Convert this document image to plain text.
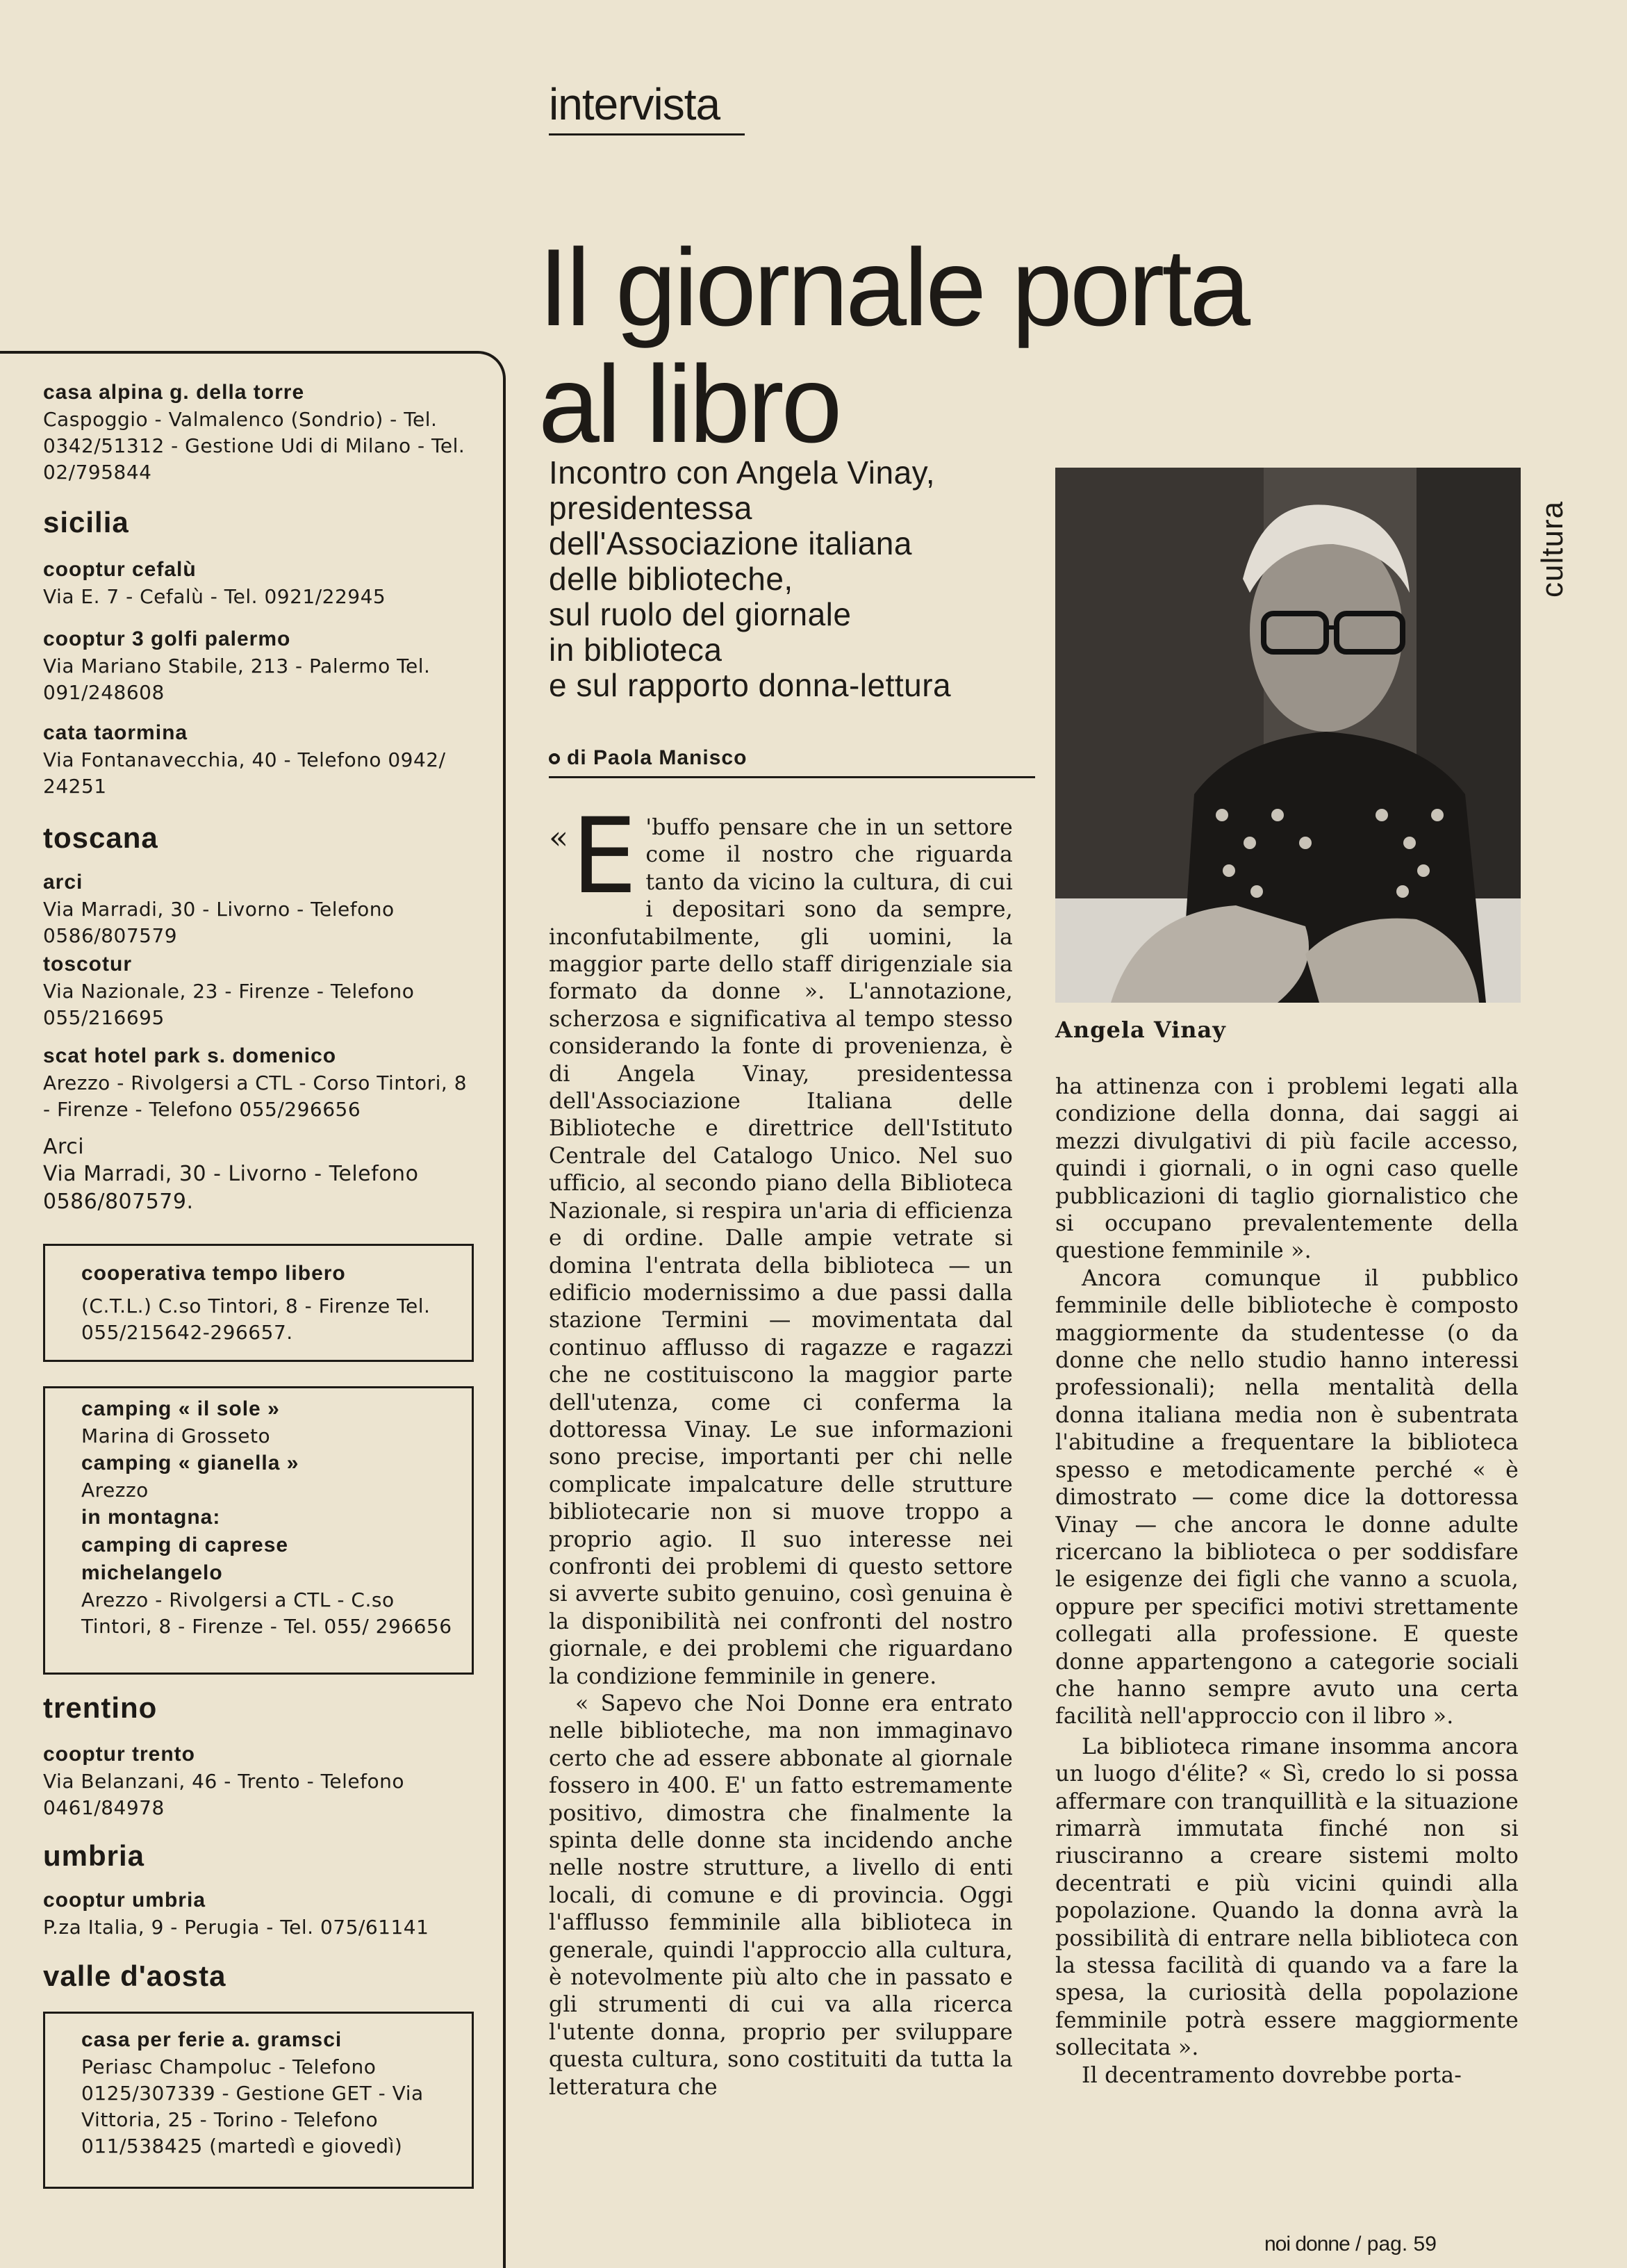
casa alpina g. della torre

Caspoggio - Valmalenco (Sondrio) - Tel. 0342/51312 - Gestione Udi di Milano - Tel. 02/795844

sicilia

cooptur cefalù

Via E. 7 - Cefalù - Tel. 0921/22945

cooptur 3 golfi palermo

Via Mariano Stabile, 213 - Palermo Tel. 091/248608

cata taormina

Via Fontanavecchia, 40 - Telefono 0942/ 24251

toscana

arci

Via Marradi, 30 - Livorno - Telefono 0586/807579

toscotur

Via Nazionale, 23 - Firenze - Telefono 055/216695

scat hotel park s. domenico

Arezzo - Rivolgersi a CTL - Corso Tintori, 8 - Firenze - Telefono 055/296656

Arci

Via Marradi, 30 - Livorno - Telefono 0586/807579.

cooperativa tempo libero

(C.T.L.) C.so Tintori, 8 - Firenze Tel. 055/215642-296657.

camping « il sole »

Marina di Grosseto

camping « gianella »

Arezzo

in montagna:

camping di caprese

michelangelo

Arezzo - Rivolgersi a CTL - C.so Tintori, 8 - Firenze - Tel. 055/ 296656

trentino

cooptur trento

Via Belanzani, 46 - Trento - Telefono 0461/84978

umbria

cooptur umbria

P.za Italia, 9 - Perugia - Tel. 075/61141

valle d'aosta

casa per ferie a. gramsci

Periasc Champoluc - Telefono 0125/307339 - Gestione GET - Via Vittoria, 25 - Torino - Telefono 011/538425 (martedì e giovedì)

intervista

Il giornale porta
al libro
Incontro con Angela Vinay,
presidentessa
dell'Associazione italiana
delle biblioteche,
sul ruolo del giornale
in biblioteca
e sul rapporto donna-lettura

di Paola Manisco

cultura

Angela Vinay

« E 'buffo pensare che in un settore come il nostro che riguarda tanto da vicino la cultura, di cui i depositari sono da sempre, inconfutabilmente, gli uomini, la maggior parte dello staff dirigenziale sia formato da donne ». L'annotazione, scherzosa e significativa al tempo stesso considerando la fonte di provenienza, è di Angela Vinay, presidentessa dell'Associazione Italiana delle Biblioteche e direttrice dell'Istituto Centrale del Catalogo Unico. Nel suo ufficio, al secondo piano della Biblioteca Nazionale, si respira un'aria di efficienza e di ordine. Dalle ampie vetrate si domina l'entrata della biblioteca — un edificio modernissimo a due passi dalla stazione Termini — movimentata dal continuo afflusso di ragazze e ragazzi che ne costituiscono la maggior parte dell'utenza, come ci conferma la dottoressa Vinay. Le sue informazioni sono precise, importanti per chi nelle complicate impalcature delle strutture bibliotecarie non si muove troppo a proprio agio. Il suo interesse nei confronti dei problemi di questo settore si avverte subito genuino, così genuina è la disponibilità nei confronti del nostro giornale, e dei problemi che riguardano la condizione femminile in genere.

« Sapevo che Noi Donne era entrato nelle biblioteche, ma non immaginavo certo che ad essere abbonate al giornale fossero in 400. E' un fatto estremamente positivo, dimostra che finalmente la spinta delle donne sta incidendo anche nelle nostre strutture, a livello di enti locali, di comune e di provincia. Oggi l'afflusso femminile alla biblioteca in generale, quindi l'approccio alla cultura, è notevolmente più alto che in passato e gli strumenti di cui va alla ricerca l'utente donna, proprio per sviluppare questa cultura, sono costituiti da tutta la letteratura che

ha attinenza con i problemi legati alla condizione della donna, dai saggi ai mezzi divulgativi di più facile accesso, quindi i giornali, o in ogni caso quelle pubblicazioni di taglio giornalistico che si occupano prevalentemente della questione femminile ».

Ancora comunque il pubblico femminile delle biblioteche è composto maggiormente da studentesse (o da donne che nello studio hanno interessi professionali); nella mentalità della donna italiana media non è subentrata l'abitudine a frequentare la biblioteca spesso e metodicamente perché « è dimostrato — come dice la dottoressa Vinay — che ancora le donne adulte ricercano la biblioteca o per soddisfare le esigenze dei figli che vanno a scuola, oppure per specifici motivi strettamente collegati alla professione. E queste donne appartengono a categorie sociali che hanno sempre avuto una certa facilità nell'approccio con il libro ».

La biblioteca rimane insomma ancora un luogo d'élite? « Sì, credo lo si possa affermare con tranquillità e la situazione rimarrà immutata finché non si riusciranno a creare sistemi molto decentrati e più vicini quindi alla popolazione. Quando la donna avrà la possibilità di entrare nella biblioteca con la stessa facilità di quando va a fare la spesa, la curiosità della popolazione femminile potrà essere maggiormente sollecitata ».

Il decentramento dovrebbe porta-

noi donne / pag. 59
